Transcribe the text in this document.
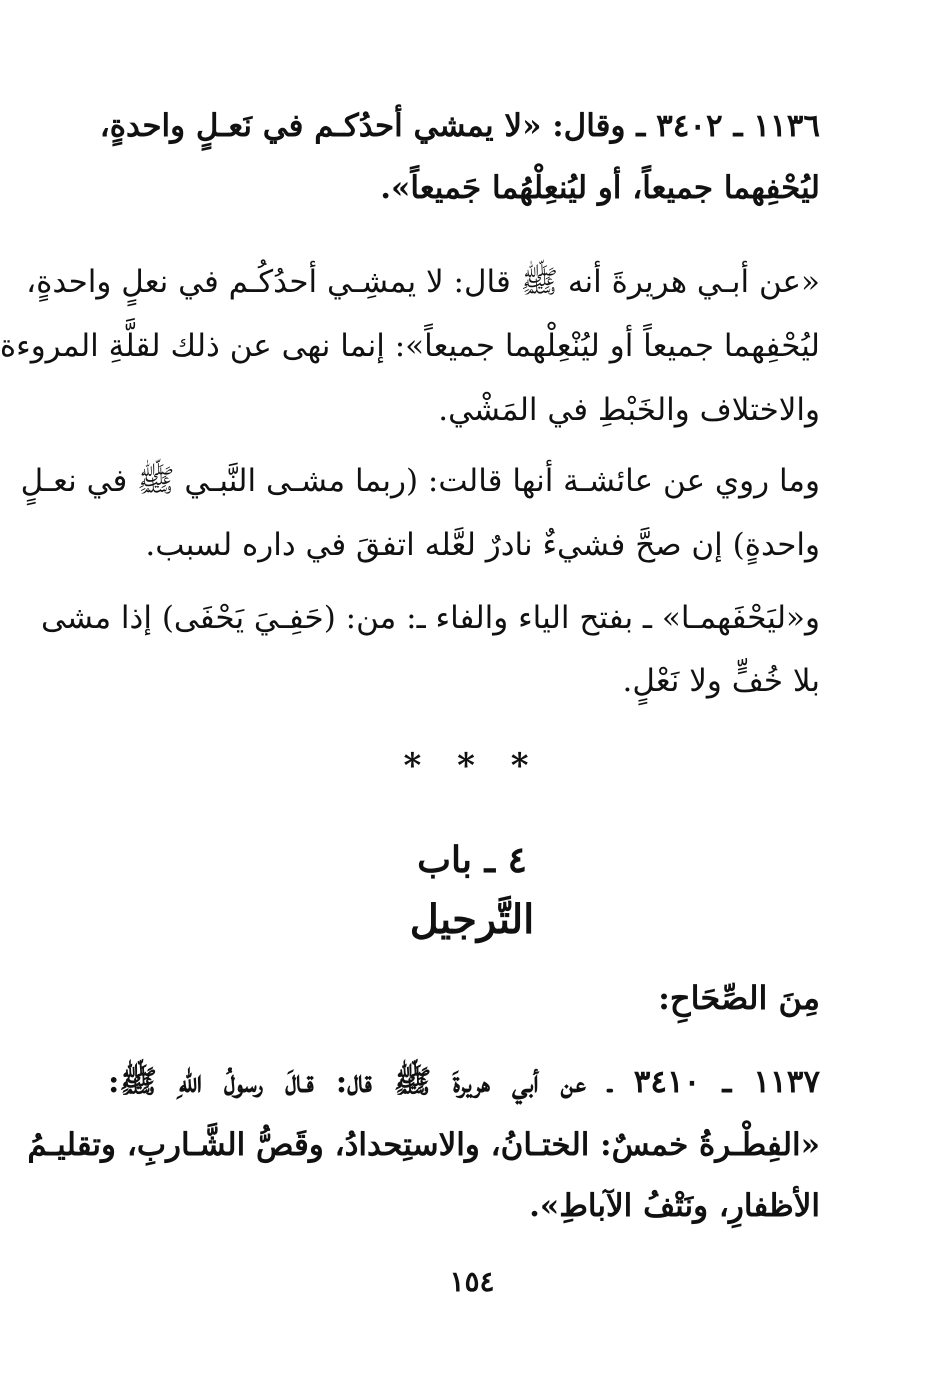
١١٣٦ ـ ٣٤٠٢ ـ وقال: «لا يمشي أحدُكـم في نَعـلٍ واحدةٍ،
ليُحْفِهما جميعاً، أو ليُنعِلْهُما جَميعاً».
«عن أبـي هريرةَ أنه ﷺ قال: لا يمشِـي أحدُكُـم في نعلٍ واحدةٍ،
ليُحْفِهما جميعاً أو ليُنْعِلْهما جميعاً»: إنما نهى عن ذلك لقلَّةِ المروءة
والاختلاف والخَبْطِ في المَشْي.
وما روي عن عائشـة أنها قالت: (ربما مشـى النَّبـي ﷺ في نعـلٍ
واحدةٍ) إن صحَّ فشيءٌ نادرٌ لعَّله اتفقَ في داره لسبب.
و«ليَحْفَهمـا» ـ بفتح الياء والفاء ـ: من: (حَفِـيَ يَحْفَى) إذا مشى
بلا خُفٍّ ولا نَعْلٍ.
* * *
٤ ـ باب
التَّرجيل
مِنَ الصِّحَاحِ:
١١٣٧ ـ ٣٤١٠ ـ عن أبي هريرةَ ﷺ قال: قـالَ رسولُ اللهِ ﷺ:
«الفِطْـرةُ خمسٌ: الختـانُ، والاستِحدادُ، وقَصُّ الشَّـاربِ، وتقليـمُ
الأظفارِ، ونَتْفُ الآباطِ».
١٥٤
